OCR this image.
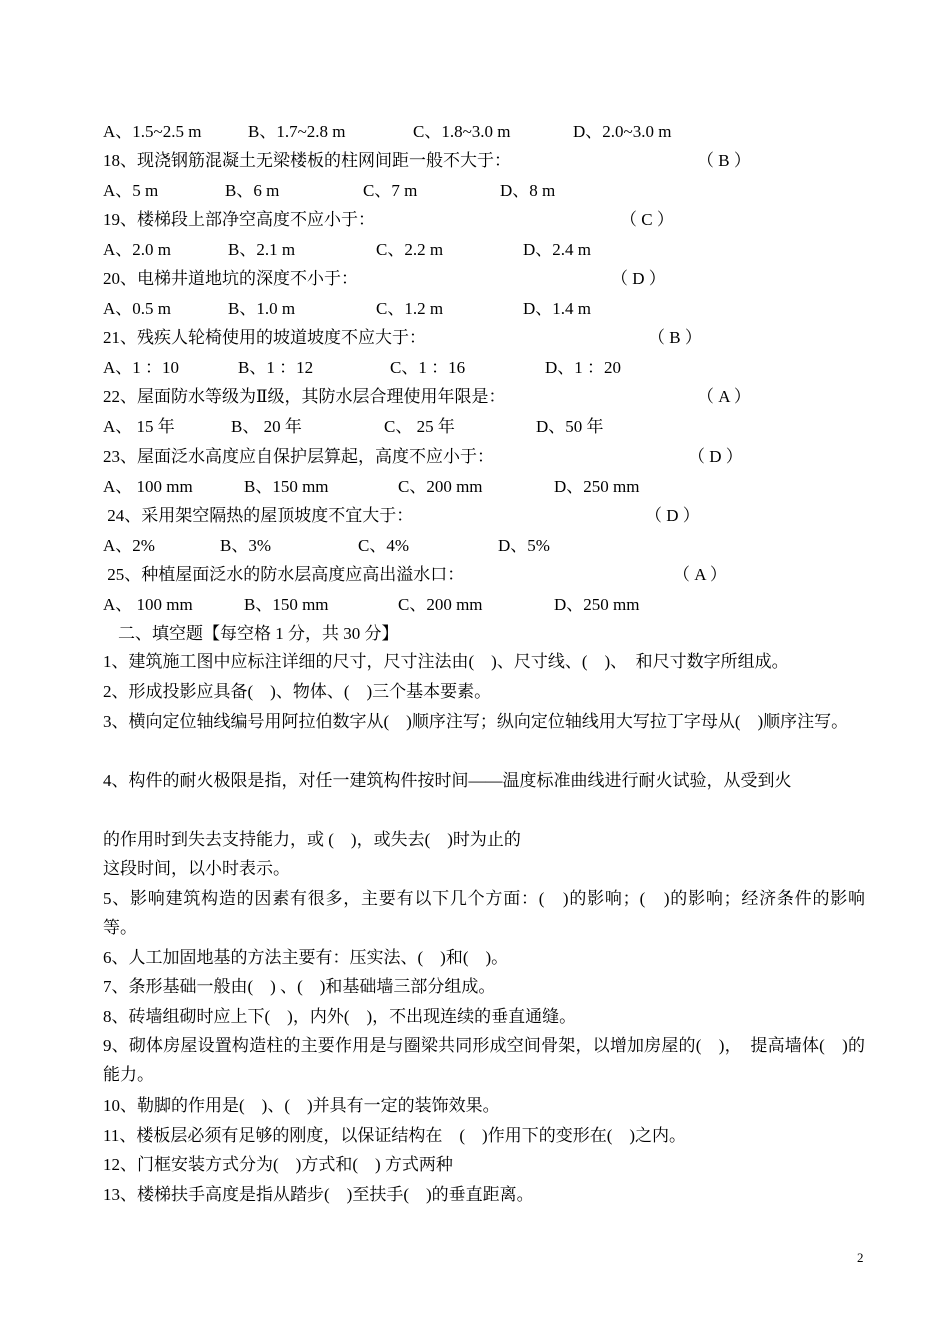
A、1.5~2.5 m	B、1.7~2.8 m	C、1.8~3.0 m	D、2.0~3.0 m
18、现浇钢筋混凝土无梁楼板的柱网间距一般不大于：	（ B ）
A、5 m	B、6 m	C、7 m	D、8 m
19、楼梯段上部净空高度不应小于：	（ C ）
A、2.0 m	B、2.1 m	C、2.2 m	D、2.4 m
20、电梯井道地坑的深度不小于：	（ D ）
A、0.5 m	B、1.0 m	C、1.2 m	D、1.4 m
21、残疾人轮椅使用的坡道坡度不应大于：	（ B ）
A、1 ：10	B、1 ：12	C、1 ：16	D、1 ：20
22、屋面防水等级为Ⅱ级，其防水层合理使用年限是：	（ A ）
A、 15 年	B、 20 年	C、 25 年	D、50 年
23、屋面泛水高度应自保护层算起，高度不应小于：	（ D ）
A、 100 mm	B、150 mm	C、200 mm	D、250 mm
24、采用架空隔热的屋顶坡度不宜大于：	（ D ）
A、2%	B、3%	C、4%	D、5%
25、种植屋面泛水的防水层高度应高出溢水口：	（ A ）
A、 100 mm	B、150 mm	C、200 mm	D、250 mm
二、填空题【每空格 1 分，共 30 分】
1、建筑施工图中应标注详细的尺寸，尺寸注法由(　)、尺寸线、(　)、　和尺寸数字所组成。
2、形成投影应具备(　)、物体、(　)三个基本要素。
3、横向定位轴线编号用阿拉伯数字从(　)顺序注写；纵向定位轴线用大写拉丁字母从(　)顺序注写。
4、构件的耐火极限是指，对任一建筑构件按时间——温度标准曲线进行耐火试验，从受到火
的作用时到失去支持能力，或 (　)，或失去(　)时为止的
这段时间，以小时表示。
5、影响建筑构造的因素有很多，主要有以下几个方面：(　)的影响；(　)的影响；经济条件的影响等。
6、人工加固地基的方法主要有：压实法、(　)和(　)。
7、条形基础一般由(　) 、(　)和基础墙三部分组成。
8、砖墙组砌时应上下(　)，内外(　)，不出现连续的垂直通缝。
9、砌体房屋设置构造柱的主要作用是与圈梁共同形成空间骨架，以增加房屋的(　)，　提高墙体(　)的能力。
10、勒脚的作用是(　)、(　)并具有一定的装饰效果。
11、楼板层必须有足够的刚度，以保证结构在　(　)作用下的变形在(　)之内。
12、门框安装方式分为(　)方式和(　) 方式两种
13、楼梯扶手高度是指从踏步(　)至扶手(　)的垂直距离。
2
